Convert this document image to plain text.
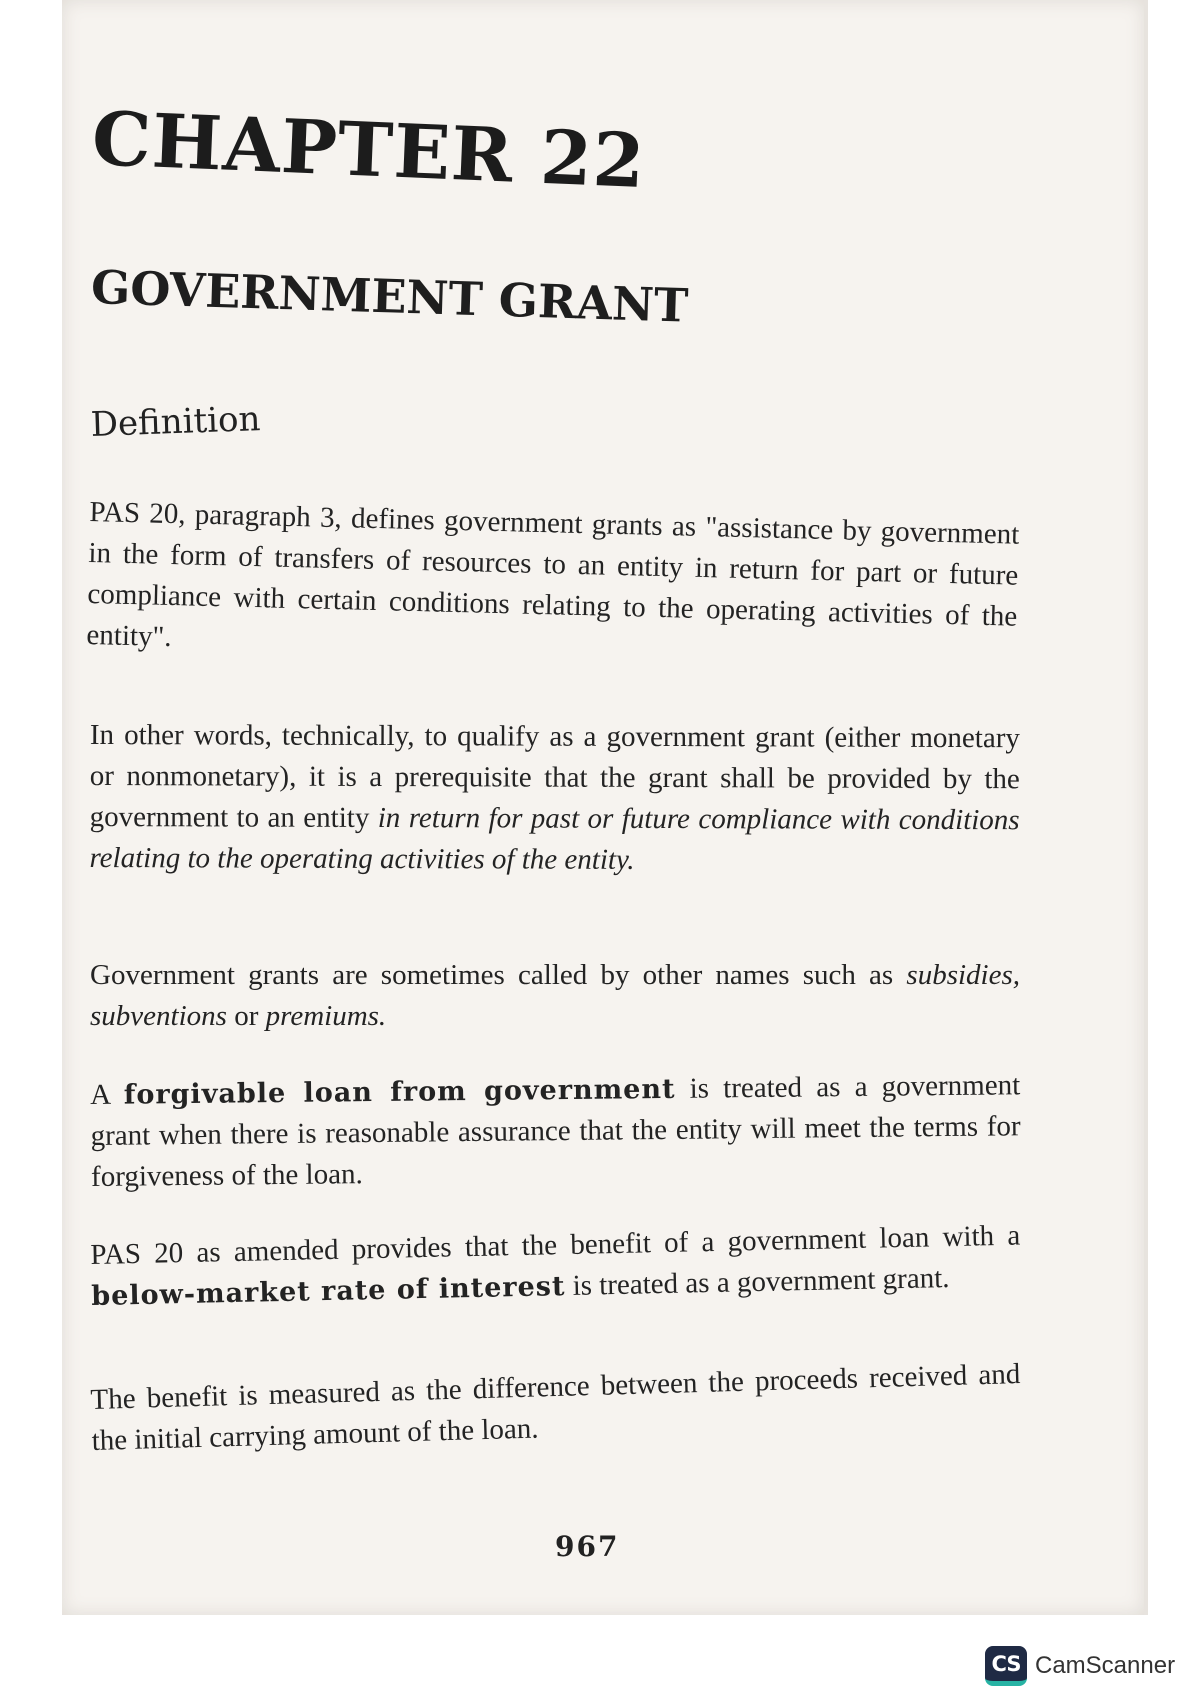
CHAPTER 22
GOVERNMENT GRANT
Definition

PAS 20, paragraph 3, defines government grants as "assistance by government in the form of transfers of resources to an entity in return for part or future compliance with certain conditions relating to the operating activities of the entity".

In other words, technically, to qualify as a government grant (either monetary or nonmonetary), it is a prerequisite that the grant shall be provided by the government to an entity in return for past or future compliance with conditions relating to the operating activities of the entity.

Government grants are sometimes called by other names such as subsidies, subventions or premiums.

A forgivable loan from government is treated as a government grant when there is reasonable assurance that the entity will meet the terms for forgiveness of the loan.

PAS 20 as amended provides that the benefit of a government loan with a below-market rate of interest is treated as a government grant.

The benefit is measured as the difference between the proceeds received and the initial carrying amount of the loan.

967
CS CamScanner
